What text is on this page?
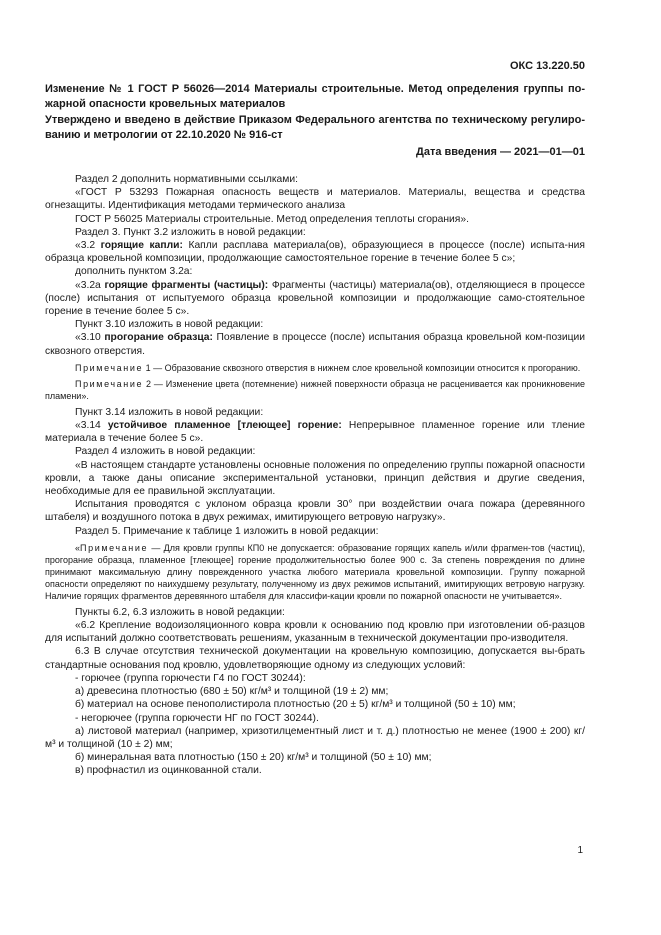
ОКС 13.220.50
Изменение № 1 ГОСТ Р 56026—2014 Материалы строительные. Метод определения группы по-жарной опасности кровельных материалов
Утверждено и введено в действие Приказом Федерального агентства по техническому регулиро-ванию и метрологии от 22.10.2020 № 916-ст
Дата введения — 2021—01—01

Раздел 2 дополнить нормативными ссылками:

«ГОСТ Р 53293 Пожарная опасность веществ и материалов. Материалы, вещества и средства огнезащиты. Идентификация методами термического анализа

ГОСТ Р 56025 Материалы строительные. Метод определения теплоты сгорания».

Раздел 3. Пункт 3.2 изложить в новой редакции:

«3.2 горящие капли: Капли расплава материала(ов), образующиеся в процессе (после) испыта-ния образца кровельной композиции, продолжающие самостоятельное горение в течение более 5 с»;

дополнить пунктом 3.2а:

«3.2а горящие фрагменты (частицы): Фрагменты (частицы) материала(ов), отделяющиеся в процессе (после) испытания от испытуемого образца кровельной композиции и продолжающие само-стоятельное горение в течение более 5 с».

Пункт 3.10 изложить в новой редакции:

«3.10 прогорание образца: Появление в процессе (после) испытания образца кровельной ком-позиции сквозного отверстия.

Примечание 1 — Образование сквозного отверстия в нижнем слое кровельной композиции относится к прогоранию.

Примечание 2 — Изменение цвета (потемнение) нижней поверхности образца не расценивается как проникновение пламени».

Пункт 3.14 изложить в новой редакции:

«3.14 устойчивое пламенное [тлеющее] горение: Непрерывное пламенное горение или тление материала в течение более 5 с».

Раздел 4 изложить в новой редакции:

«В настоящем стандарте установлены основные положения по определению группы пожарной опасности кровли, а также даны описание экспериментальной установки, принцип действия и другие сведения, необходимые для ее правильной эксплуатации.

Испытания проводятся с уклоном образца кровли 30° при воздействии очага пожара (деревянного штабеля) и воздушного потока в двух режимах, имитирующего ветровую нагрузку».

Раздел 5. Примечание к таблице 1 изложить в новой редакции:

«Примечание — Для кровли группы КП0 не допускается: образование горящих капель и/или фрагмен-тов (частиц), прогорание образца, пламенное [тлеющее] горение продолжительностью более 900 с. За степень повреждения по длине принимают максимальную длину поврежденного участка любого материала кровельной композиции. Группу пожарной опасности определяют по наихудшему результату, полученному из двух режимов испытаний, имитирующих ветровую нагрузку. Наличие горящих фрагментов деревянного штабеля для классифи-кации кровли по пожарной опасности не учитывается».

Пункты 6.2, 6.3 изложить в новой редакции:

«6.2 Крепление водоизоляционного ковра кровли к основанию под кровлю при изготовлении об-разцов для испытаний должно соответствовать решениям, указанным в технической документации про-изводителя.

6.3 В случае отсутствия технической документации на кровельную композицию, допускается вы-брать стандартные основания под кровлю, удовлетворяющие одному из следующих условий:

- горючее (группа горючести Г4 по ГОСТ 30244):

а) древесина плотностью (680 ± 50) кг/м³ и толщиной (19 ± 2) мм;

б) материал на основе пенополистирола плотностью (20 ± 5) кг/м³ и толщиной (50 ± 10) мм;

- негорючее (группа горючести НГ по ГОСТ 30244).

а) листовой материал (например, хризотилцементный лист и т. д.) плотностью не менее (1900 ± 200) кг/м³ и толщиной (10 ± 2) мм;

б) минеральная вата плотностью (150 ± 20) кг/м³ и толщиной (50 ± 10) мм;

в) профнастил из оцинкованной стали.

1
